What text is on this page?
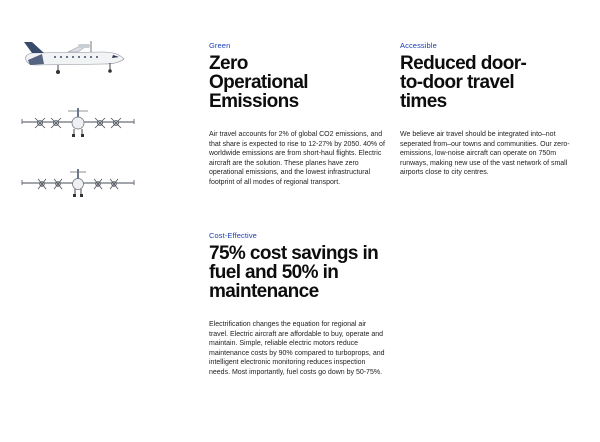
Green
Zero Operational Emissions

Air travel accounts for 2% of global CO2 emissions, and that share is expected to rise to 12-27% by 2050. 40% of worldwide emissions are from short-haul flights. Electric aircraft are the solution. These planes have zero operational emissions, and the lowest infrastructural footprint of all modes of regional transport.

Accessible
Reduced door-to-door travel times

We believe air travel should be integrated into–not seperated from–our towns and communities. Our zero-emissions, low-noise aircraft can operate on 750m runways, making new use of the vast network of small airports close to city centres.

Cost-Effective
75% cost savings in fuel and 50% in maintenance

Electrification changes the equation for regional air travel. Electric aircraft are affordable to buy, operate and maintain. Simple, reliable electric motors reduce maintenance costs by 90% compared to turboprops, and intelligent electronic monitoring reduces inspection needs. Most importantly, fuel costs go down by 50-75%.
